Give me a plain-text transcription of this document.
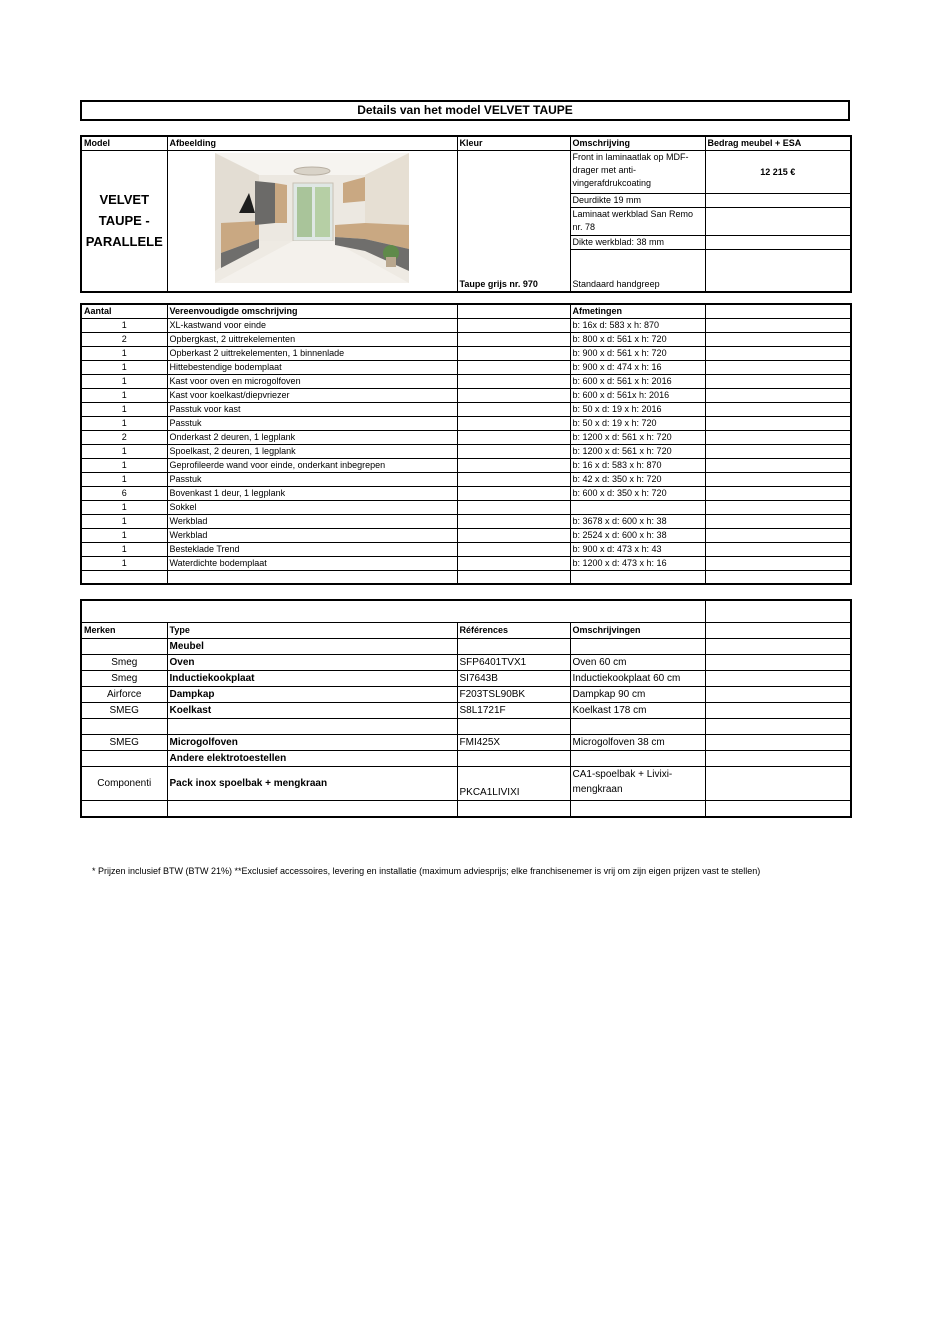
Details van het model VELVET TAUPE
Model	Afbeelding	Kleur	Omschrijving	Bedrag meubel + ESA
VELVET TAUPE - PARALLELE		Taupe grijs nr. 970	Front in laminaatlak op MDF-drager met anti-vingerafdrukcoating	12 215 €
			Deurdikte 19 mm	
			Laminaat werkblad San Remo nr. 78	
			Dikte werkblad: 38 mm	
			Standaard handgreep	
Aantal	Vereenvoudigde omschrijving		Afmetingen	
1	XL-kastwand voor einde		b: 16x d: 583 x h: 870	
2	Opbergkast, 2 uittrekelementen		b: 800 x d: 561 x h: 720	
1	Opberkast 2 uittrekelementen, 1 binnenlade		b: 900 x d: 561 x h: 720	
1	Hittebestendige bodemplaat		b: 900 x d: 474 x h: 16	
1	Kast voor oven en microgolfoven		b: 600 x d: 561 x h: 2016	
1	Kast voor koelkast/diepvriezer		b: 600 x d: 561x h: 2016	
1	Passtuk voor kast		b: 50 x d: 19 x h: 2016	
1	Passtuk		b: 50 x d: 19 x h: 720	
2	Onderkast 2 deuren, 1 legplank		b: 1200 x d: 561 x h: 720	
1	Spoelkast, 2 deuren, 1 legplank		b: 1200 x d: 561 x h: 720	
1	Geprofileerde wand voor einde, onderkant inbegrepen		b: 16 x d: 583 x h: 870	
1	Passtuk		b: 42 x d: 350 x h: 720	
6	Bovenkast 1 deur, 1 legplank		b: 600 x d: 350 x h: 720	
1	Sokkel			
1	Werkblad		b: 3678 x d: 600 x h: 38	
1	Werkblad		b: 2524 x d: 600 x h: 38	
1	Besteklade Trend		b: 900 x d: 473 x h: 43	
1	Waterdichte bodemplaat		b: 1200 x d: 473 x h: 16	

Merken	Type	Références	Omschrijvingen	
	Meubel			
Smeg	Oven	SFP6401TVX1	Oven 60 cm	
Smeg	Inductiekookplaat	SI7643B	Inductiekookplaat 60 cm	
Airforce	Dampkap	F203TSL90BK	Dampkap 90 cm	
SMEG	Koelkast	S8L1721F	Koelkast 178 cm	

SMEG	Microgolfoven	FMI425X	Microgolfoven 38 cm	
	Andere elektrotoestellen			
Componenti	Pack inox spoelbak + mengkraan	PKCA1LIVIXI	CA1-spoelbak + Livixi-mengkraan	

* Prijzen inclusief BTW (BTW 21%) **Exclusief accessoires, levering en installatie (maximum adviesprijs; elke franchisenemer is vrij om zijn eigen prijzen vast te stellen)
